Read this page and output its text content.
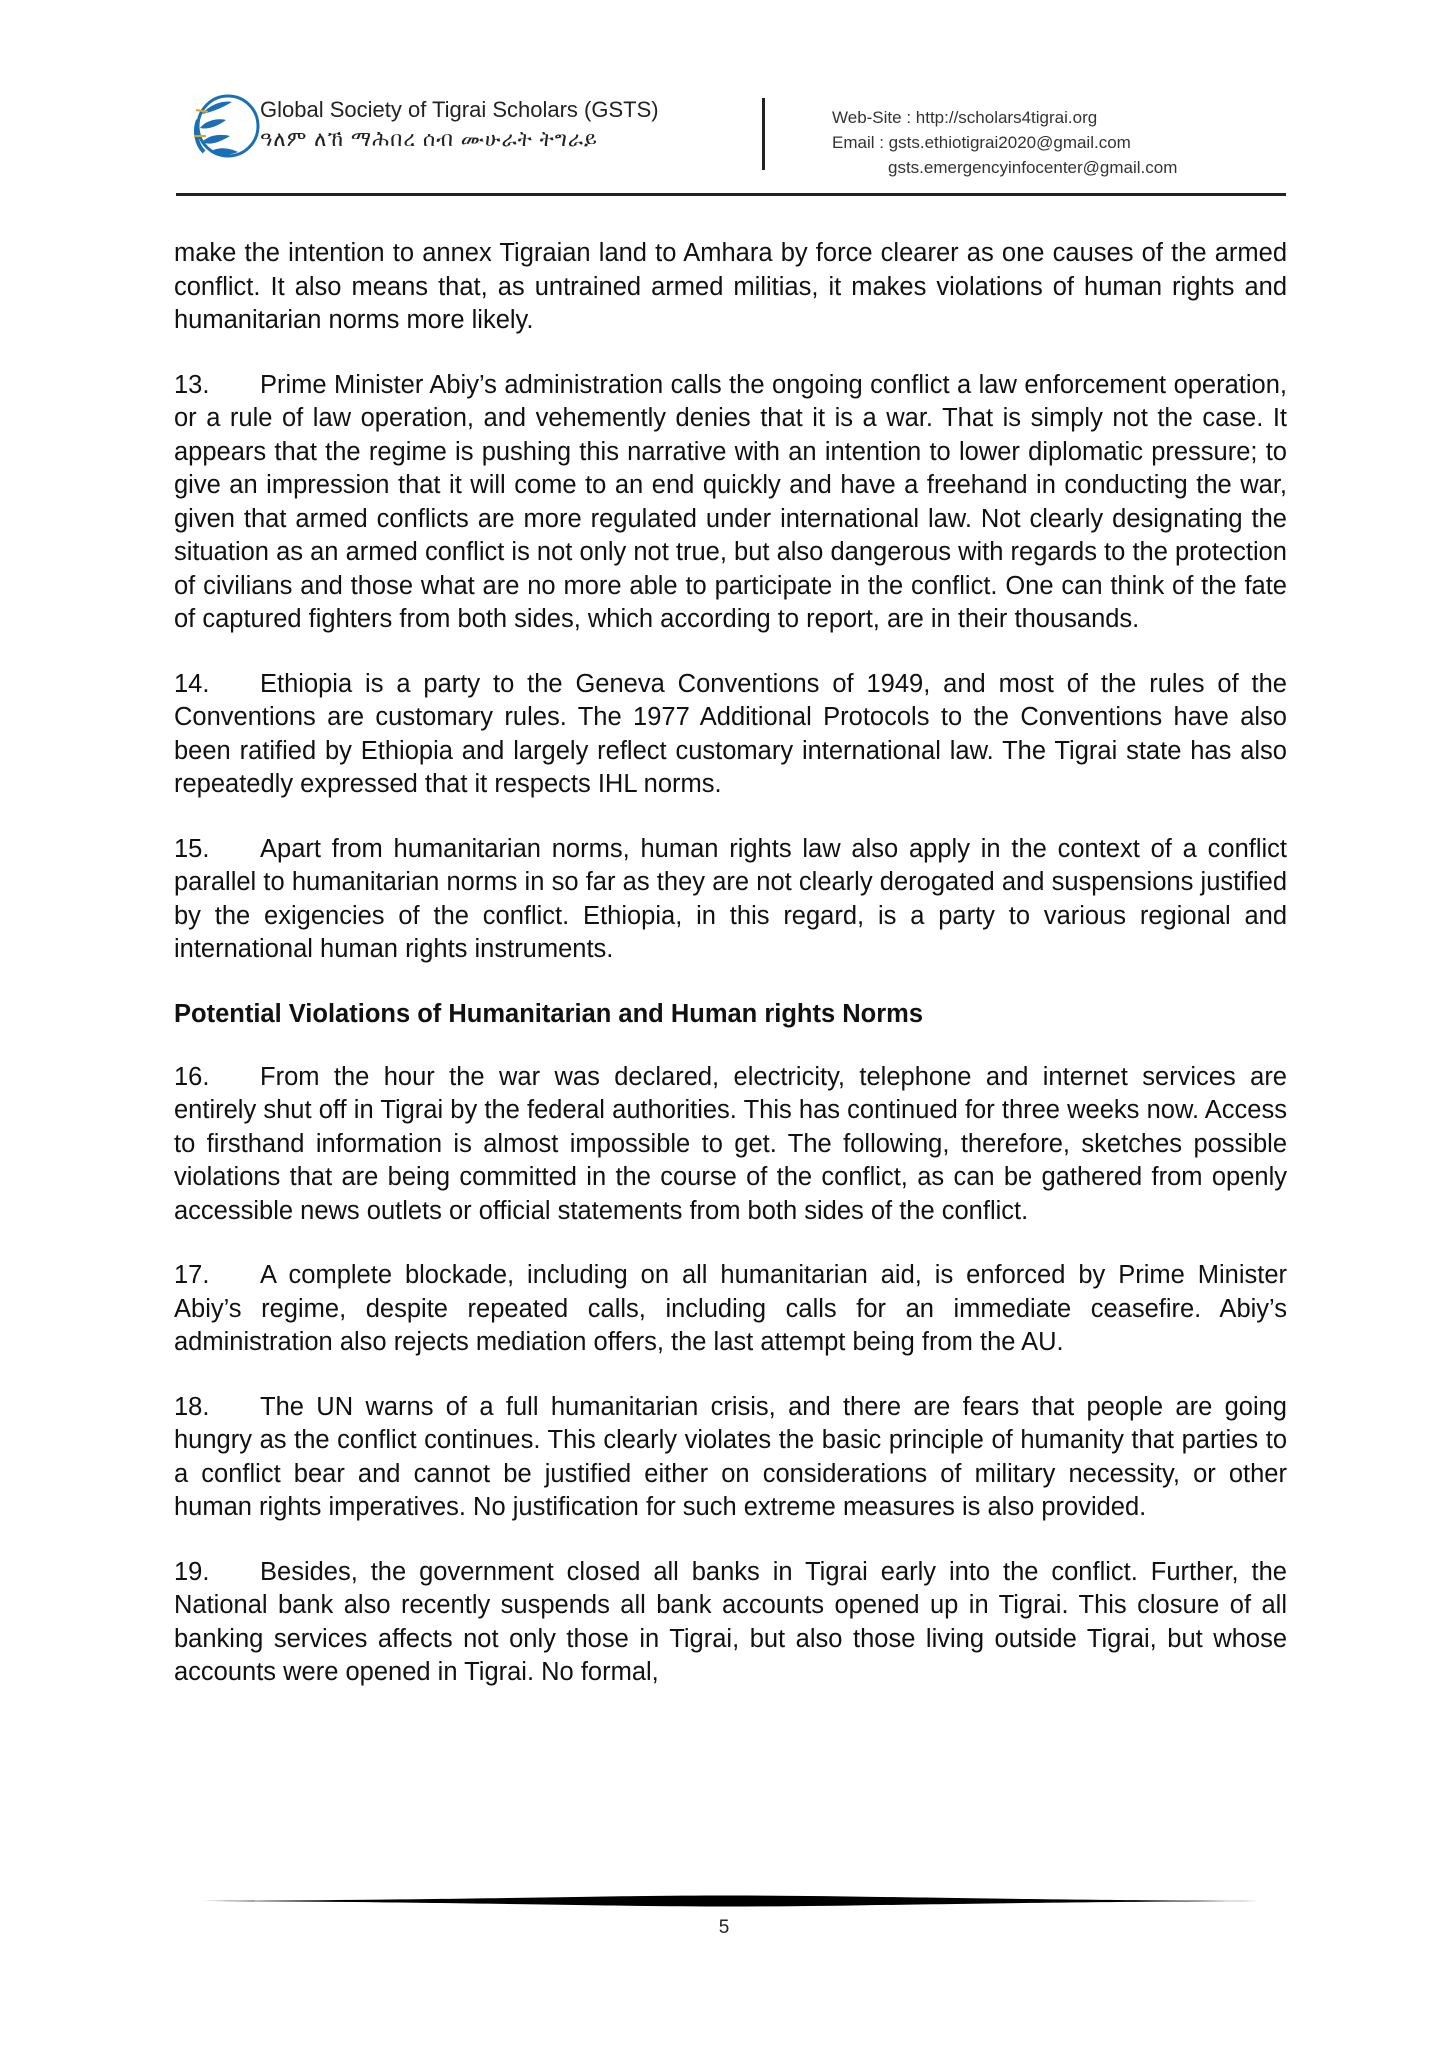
Global Society of Tigrai Scholars (GSTS)
ዓለም ለኸ ማሕበረ ሰብ ሙሁራት ትግራይ
Web-Site : http://scholars4tigrai.org
Email : gsts.ethiotigrai2020@gmail.com
gsts.emergencyinfocenter@gmail.com

make the intention to annex Tigraian land to Amhara by force clearer as one causes of the armed conflict. It also means that, as untrained armed militias, it makes violations of human rights and humanitarian norms more likely.

13. Prime Minister Abiy’s administration calls the ongoing conflict a law enforcement operation, or a rule of law operation, and vehemently denies that it is a war. That is simply not the case. It appears that the regime is pushing this narrative with an intention to lower diplomatic pressure; to give an impression that it will come to an end quickly and have a freehand in conducting the war, given that armed conflicts are more regulated under international law. Not clearly designating the situation as an armed conflict is not only not true, but also dangerous with regards to the protection of civilians and those what are no more able to participate in the conflict. One can think of the fate of captured fighters from both sides, which according to report, are in their thousands.

14. Ethiopia is a party to the Geneva Conventions of 1949, and most of the rules of the Conventions are customary rules. The 1977 Additional Protocols to the Conventions have also been ratified by Ethiopia and largely reflect customary international law. The Tigrai state has also repeatedly expressed that it respects IHL norms.

15. Apart from humanitarian norms, human rights law also apply in the context of a conflict parallel to humanitarian norms in so far as they are not clearly derogated and suspensions justified by the exigencies of the conflict. Ethiopia, in this regard, is a party to various regional and international human rights instruments.

Potential Violations of Humanitarian and Human rights Norms

16. From the hour the war was declared, electricity, telephone and internet services are entirely shut off in Tigrai by the federal authorities. This has continued for three weeks now. Access to firsthand information is almost impossible to get. The following, therefore, sketches possible violations that are being committed in the course of the conflict, as can be gathered from openly accessible news outlets or official statements from both sides of the conflict.

17. A complete blockade, including on all humanitarian aid, is enforced by Prime Minister Abiy’s regime, despite repeated calls, including calls for an immediate ceasefire. Abiy’s administration also rejects mediation offers, the last attempt being from the AU.

18. The UN warns of a full humanitarian crisis, and there are fears that people are going hungry as the conflict continues. This clearly violates the basic principle of humanity that parties to a conflict bear and cannot be justified either on considerations of military necessity, or other human rights imperatives. No justification for such extreme measures is also provided.

19. Besides, the government closed all banks in Tigrai early into the conflict. Further, the National bank also recently suspends all bank accounts opened up in Tigrai. This closure of all banking services affects not only those in Tigrai, but also those living outside Tigrai, but whose accounts were opened in Tigrai. No formal,

5
